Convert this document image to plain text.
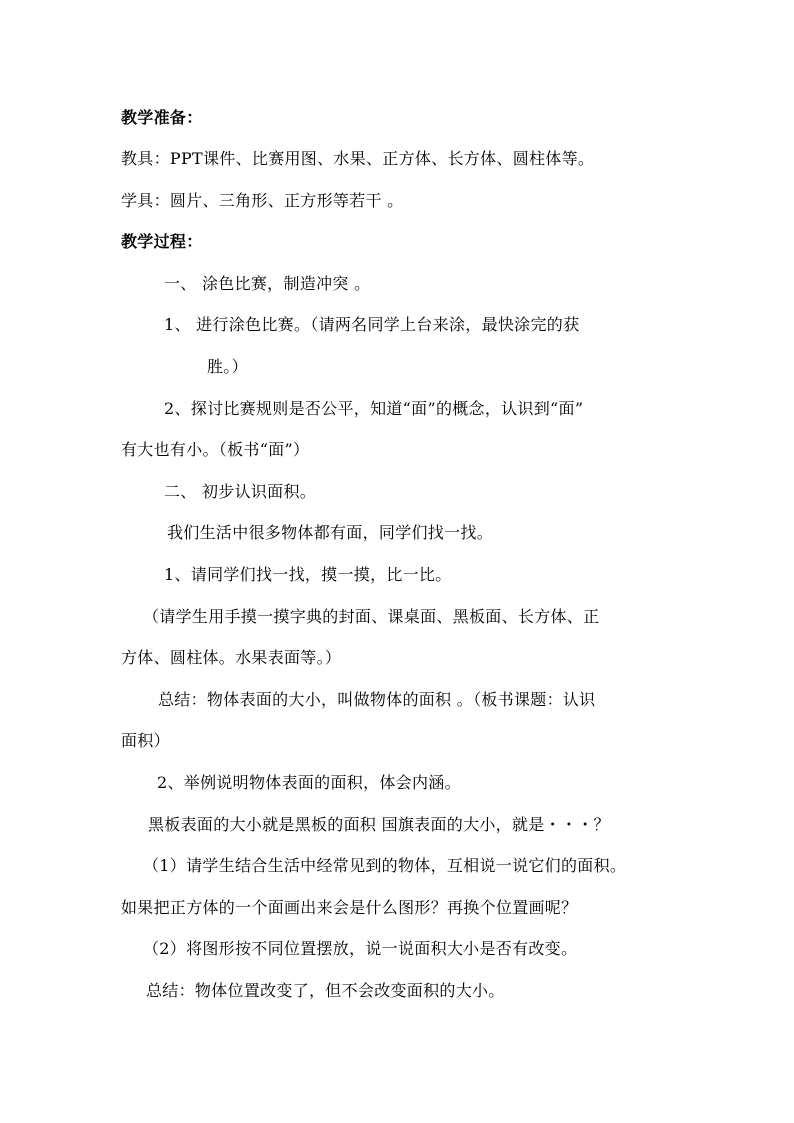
教学准备：
教具：PPT课件、比赛用图、水果、正方体、长方体、圆柱体等。
学具：圆片、三角形、正方形等若干 。
教学过程：
一、 涂色比赛，制造冲突 。
1、 进行涂色比赛。（请两名同学上台来涂，最快涂完的获
胜。）
2、探讨比赛规则是否公平，知道“面”的概念，认识到“面”
有大也有小。（板书“面”）
二、 初步认识面积。
我们生活中很多物体都有面，同学们找一找。
1、请同学们找一找，摸一摸，比一比。
（请学生用手摸一摸字典的封面、课桌面、黑板面、长方体、正
方体、圆柱体。水果表面等。）
总结：物体表面的大小，叫做物体的面积 。（板书课题：认识
面积）
2、举例说明物体表面的面积，体会内涵。
黑板表面的大小就是黑板的面积 国旗表面的大小，就是・・・？
（1）请学生结合生活中经常见到的物体，互相说一说它们的面积。
如果把正方体的一个面画出来会是什么图形？再换个位置画呢？
（2）将图形按不同位置摆放，说一说面积大小是否有改变。
总结：物体位置改变了，但不会改变面积的大小。
